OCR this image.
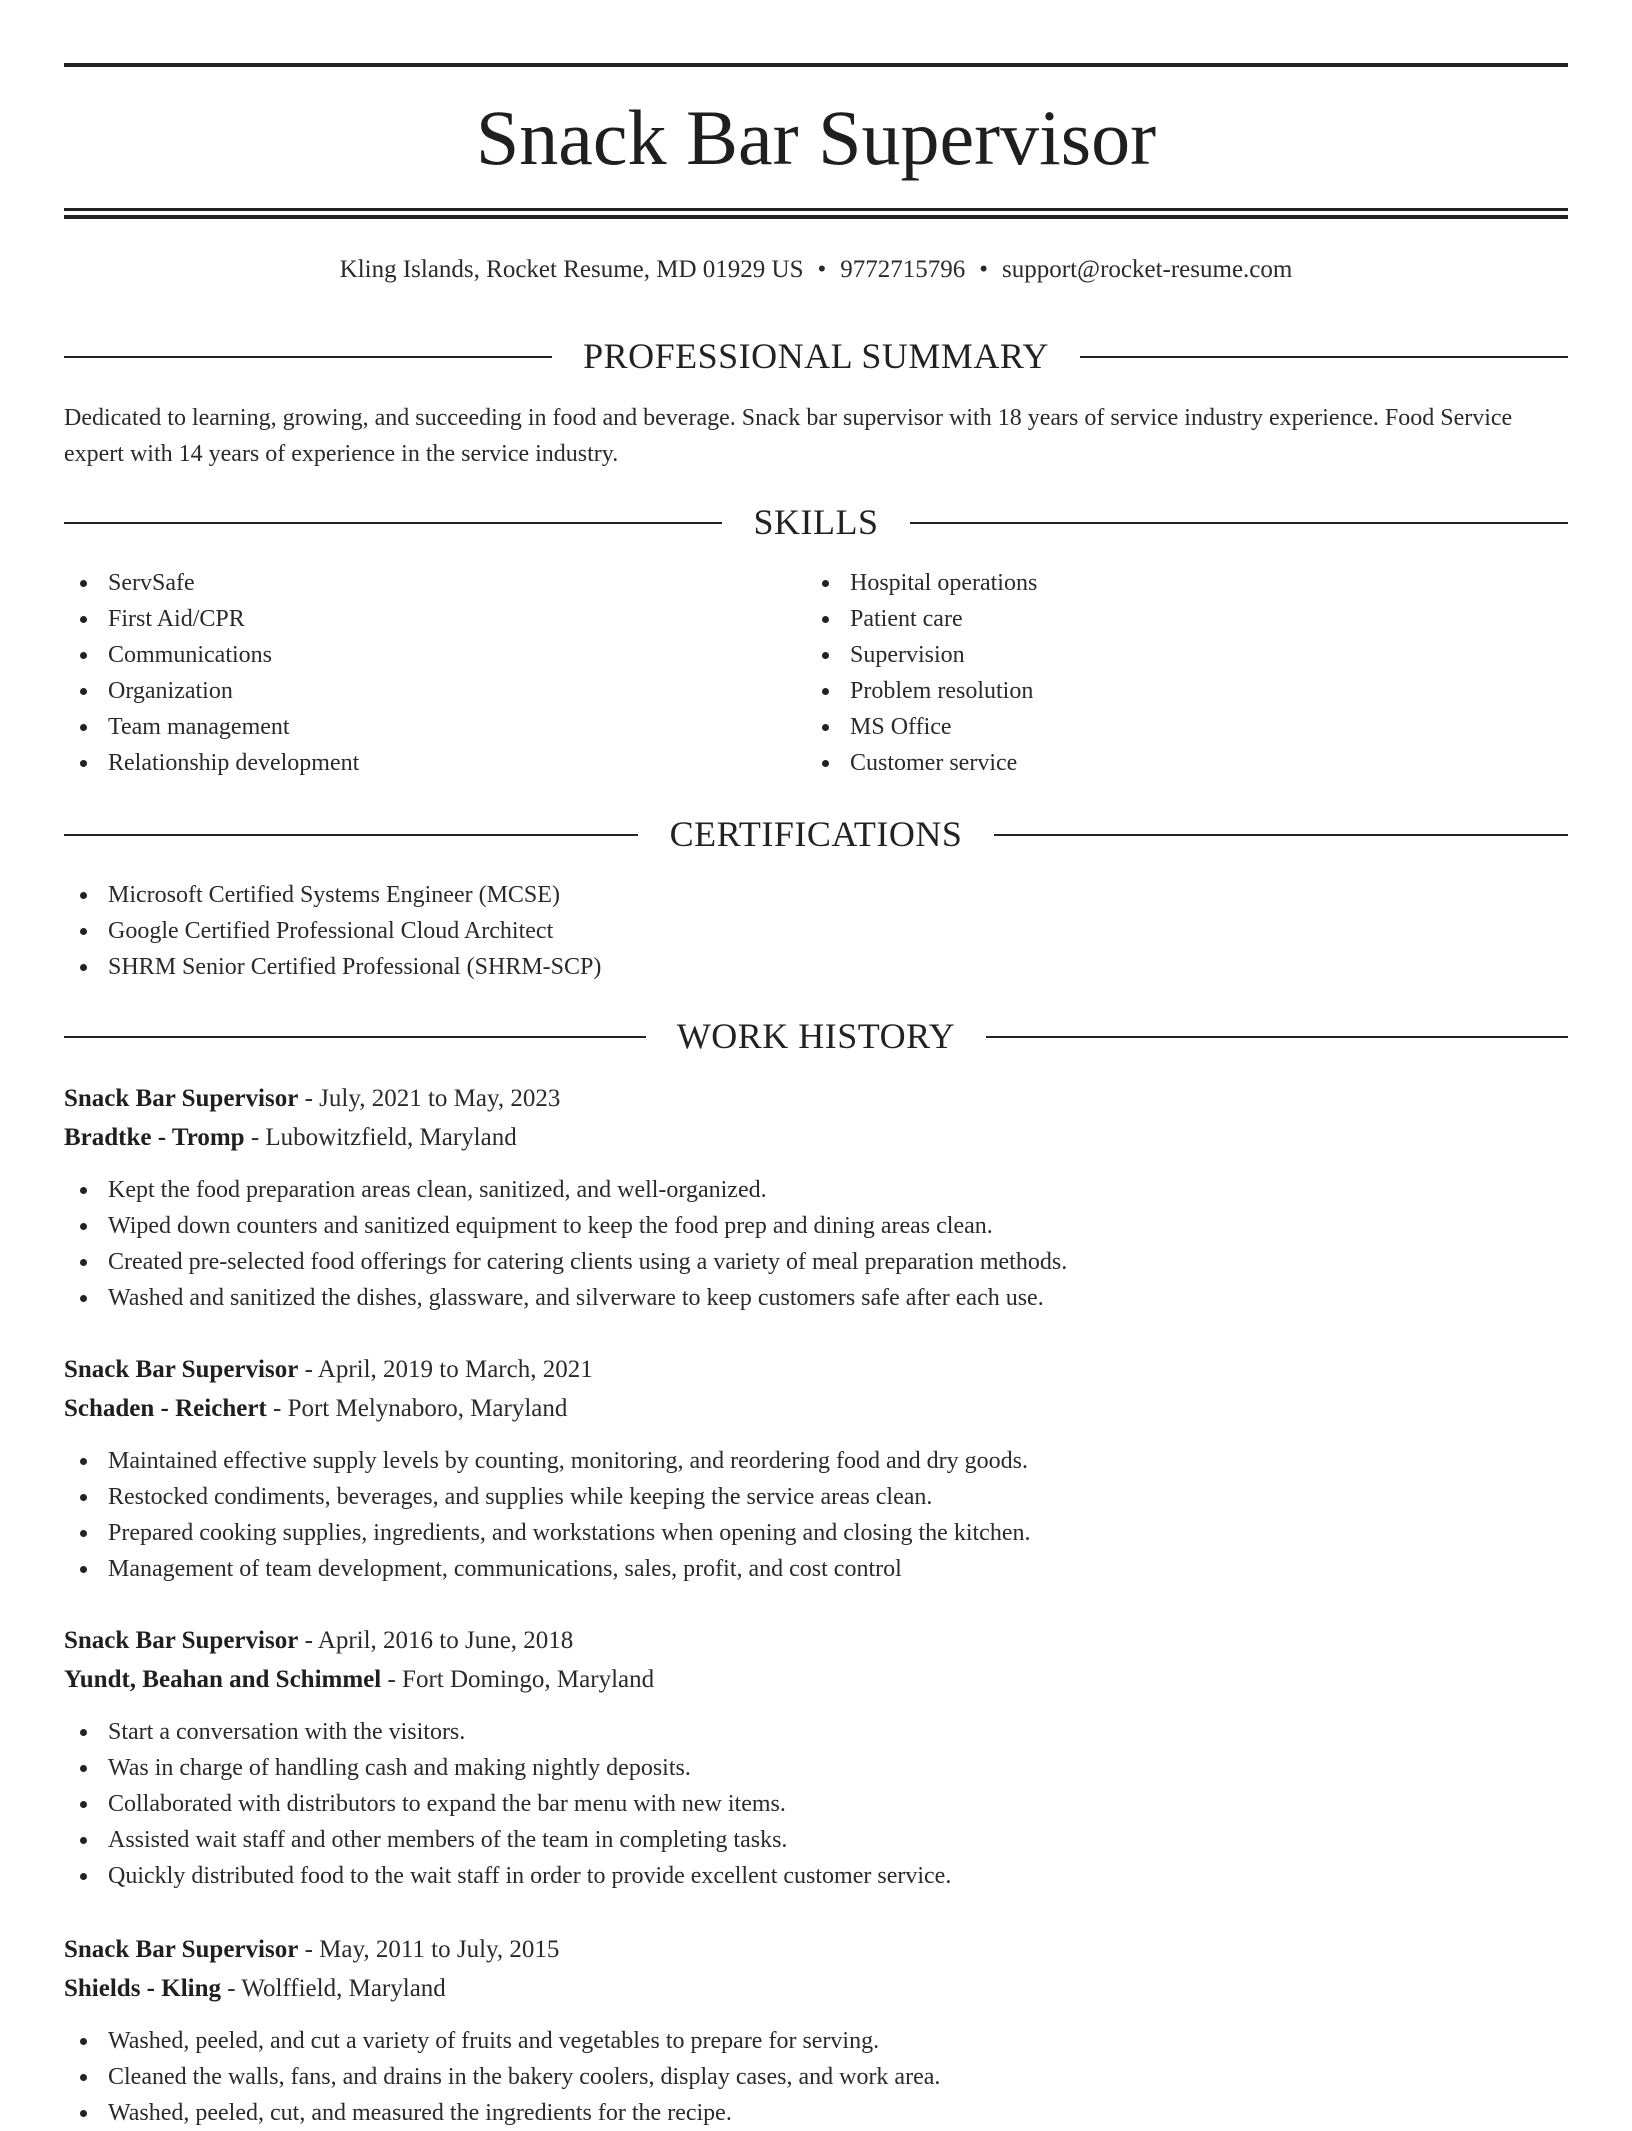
Snack Bar Supervisor
Kling Islands, Rocket Resume, MD 01929 US • 9772715796 • support@rocket-resume.com
PROFESSIONAL SUMMARY

Dedicated to learning, growing, and succeeding in food and beverage. Snack bar supervisor with 18 years of service industry experience. Food Service expert with 14 years of experience in the service industry.

SKILLS
ServSafe
First Aid/CPR
Communications
Organization
Team management
Relationship development
Hospital operations
Patient care
Supervision
Problem resolution
MS Office
Customer service
CERTIFICATIONS
Microsoft Certified Systems Engineer (MCSE)
Google Certified Professional Cloud Architect
SHRM Senior Certified Professional (SHRM-SCP)
WORK HISTORY
Snack Bar Supervisor - July, 2021 to May, 2023
Bradtke - Tromp - Lubowitzfield, Maryland
Kept the food preparation areas clean, sanitized, and well-organized.
Wiped down counters and sanitized equipment to keep the food prep and dining areas clean.
Created pre-selected food offerings for catering clients using a variety of meal preparation methods.
Washed and sanitized the dishes, glassware, and silverware to keep customers safe after each use.
Snack Bar Supervisor - April, 2019 to March, 2021
Schaden - Reichert - Port Melynaboro, Maryland
Maintained effective supply levels by counting, monitoring, and reordering food and dry goods.
Restocked condiments, beverages, and supplies while keeping the service areas clean.
Prepared cooking supplies, ingredients, and workstations when opening and closing the kitchen.
Management of team development, communications, sales, profit, and cost control
Snack Bar Supervisor - April, 2016 to June, 2018
Yundt, Beahan and Schimmel - Fort Domingo, Maryland
Start a conversation with the visitors.
Was in charge of handling cash and making nightly deposits.
Collaborated with distributors to expand the bar menu with new items.
Assisted wait staff and other members of the team in completing tasks.
Quickly distributed food to the wait staff in order to provide excellent customer service.
Snack Bar Supervisor - May, 2011 to July, 2015
Shields - Kling - Wolffield, Maryland
Washed, peeled, and cut a variety of fruits and vegetables to prepare for serving.
Cleaned the walls, fans, and drains in the bakery coolers, display cases, and work area.
Washed, peeled, cut, and measured the ingredients for the recipe.
